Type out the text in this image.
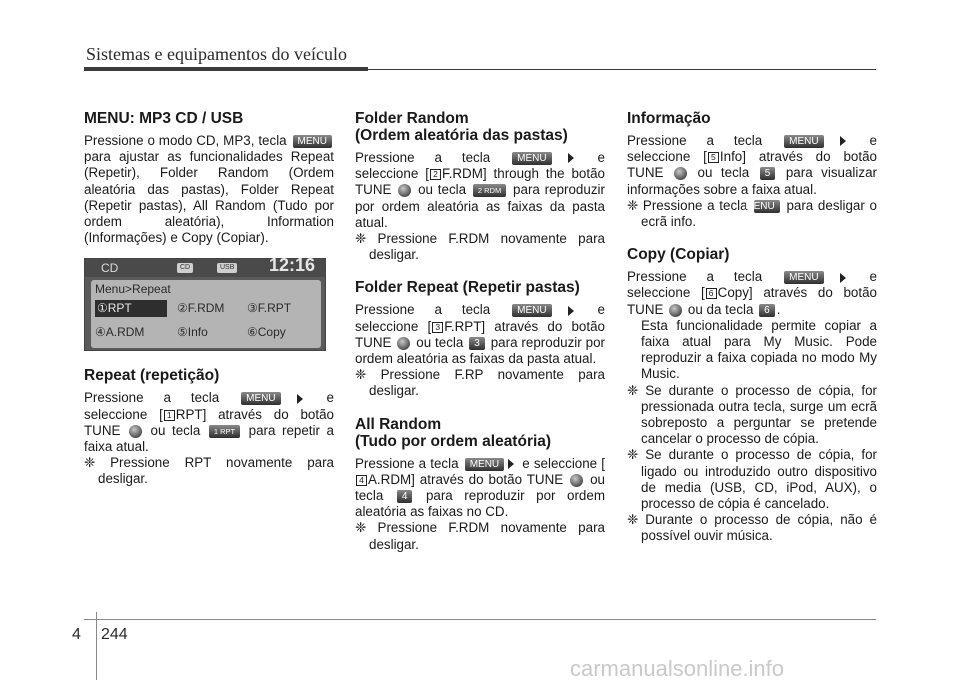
Sistemas e equipamentos do veículo
MENU: MP3 CD / USB

Pressione o modo CD, MP3, tecla MENU para ajustar as funcionalidades Repeat (Repetir), Folder Random (Ordem aleatória das pastas), Folder Repeat (Repetir pastas), All Random (Tudo por ordem aleatória), Information (Informações) e Copy (Copiar).

CD	CD	USB 12:16
Menu>Repeat
①RPT	②F.RDM ③F.RPT
④A.RDM	⑤Info	⑥Copy
Repeat (repetição)

Pressione a tecla	MENU	e seleccione [ 1 RPT] através do botão TUNE ou tecla 1 RPT para repetir a faixa atual.

❈ Pressione RPT novamente para desligar.

Folder Random
(Ordem aleatória das pastas)

Pressione a tecla	MENU	e seleccione [ 2 F.RDM] through the botão TUNE ou tecla 2 RDM para reproduzir por ordem aleatória as faixas da pasta atual.

❈ Pressione F.RDM novamente para desligar.

Folder Repeat (Repetir pastas)

Pressione a tecla	MENU	e seleccione [ 3 F.RPT] através do botão TUNE ou tecla 3 para reproduzir por ordem aleatória as faixas da pasta atual.

❈ Pressione F.RP novamente para desligar.

All Random
(Tudo por ordem aleatória)

Pressione a tecla MENU e seleccione [4 A.RDM] através do botão TUNE ou tecla 4 para reproduzir por ordem aleatória as faixas no CD.

❈ Pressione F.RDM novamente para desligar.

Informação

Pressione a tecla	MENU	e seleccione [ 5 Info] através do botão TUNE	ou tecla 5 para visualizar informações sobre a faixa atual.

❈ Pressione a tecla MENU para desligar o ecrã info.

Copy (Copiar)

Pressione a tecla	MENU	e seleccione [ 6 Copy] através do botão TUNE ou da tecla 6 .

Esta funcionalidade permite copiar a faixa atual para My Music. Pode reproduzir a faixa copiada no modo My Music.

❈ Se durante o processo de cópia, for pressionada outra tecla, surge um ecrã sobreposto a perguntar se pretende cancelar o processo de cópia.

❈ Se durante o processo de cópia, for ligado ou introduzido outro dispositivo de media (USB, CD, iPod, AUX), o processo de cópia é cancelado.

❈ Durante o processo de cópia, não é possível ouvir música.

4 244
carmanualsonline.info
